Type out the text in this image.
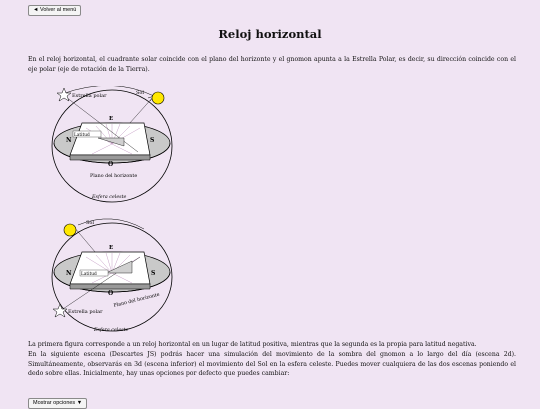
◄ Volver al menú
Reloj horizontal

En el reloj horizontal, el cuadrante solar coincide con el plano del horizonte y el gnomon apunta a la Estrella Polar, es decir, su dirección coincide con el eje polar (eje de rotación de la Tierra).

Estrella polar	Sol
Latitud
N	S
E
O
Plano del horizonte
Esfera celeste
Sol
Estrella polar
Latitud
N	S
E
O Plano del horizonte
Esfera celeste

La primera figura corresponde a un reloj horizontal en un lugar de latitud positiva, mientras que la segunda es la propia para latitud negativa.

En la siguiente escena (Descartes JS) podrás hacer una simulación del movimiento de la sombra del gnomon a lo largo del día (escena 2d). Simultáneamente, observarás en 3d (escena inferior) el movimiento del Sol en la esfera celeste. Puedes mover cualquiera de las dos escenas poniendo el dedo sobre ellas. Inicialmente, hay unas opciones por defecto que puedes cambiar:

Mostrar opciones ▼
